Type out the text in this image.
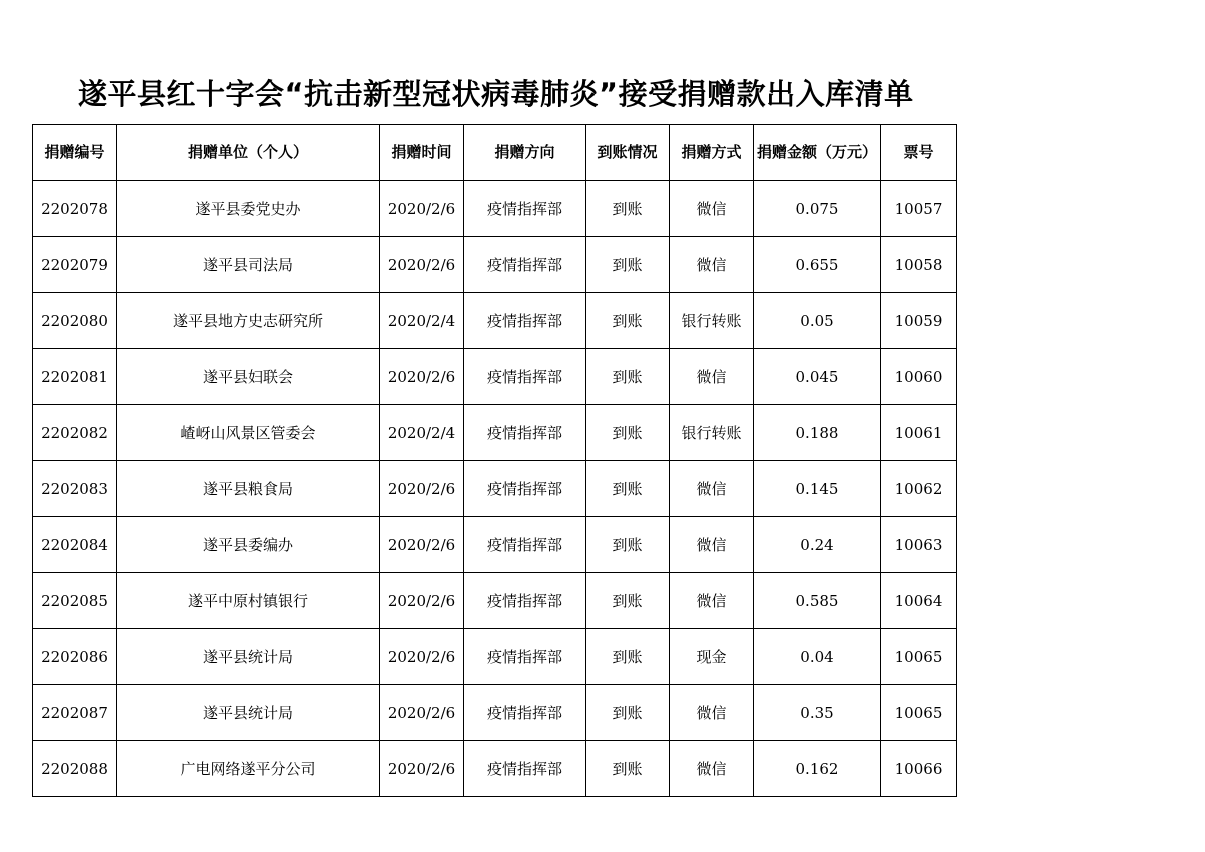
遂平县红十字会“抗击新型冠状病毒肺炎”接受捐赠款出入库清单
捐赠编号	捐赠单位（个人）	捐赠时间	捐赠方向	到账情况	捐赠方式	捐赠金额（万元）	票号
2202078	遂平县委党史办	2020/2/6	疫情指挥部	到账	微信	0.075	10057
2202079	遂平县司法局	2020/2/6	疫情指挥部	到账	微信	0.655	10058
2202080	遂平县地方史志研究所	2020/2/4	疫情指挥部	到账	银行转账	0.05	10059
2202081	遂平县妇联会	2020/2/6	疫情指挥部	到账	微信	0.045	10060
2202082	嵖岈山风景区管委会	2020/2/4	疫情指挥部	到账	银行转账	0.188	10061
2202083	遂平县粮食局	2020/2/6	疫情指挥部	到账	微信	0.145	10062
2202084	遂平县委编办	2020/2/6	疫情指挥部	到账	微信	0.24	10063
2202085	遂平中原村镇银行	2020/2/6	疫情指挥部	到账	微信	0.585	10064
2202086	遂平县统计局	2020/2/6	疫情指挥部	到账	现金	0.04	10065
2202087	遂平县统计局	2020/2/6	疫情指挥部	到账	微信	0.35	10065
2202088	广电网络遂平分公司	2020/2/6	疫情指挥部	到账	微信	0.162	10066
